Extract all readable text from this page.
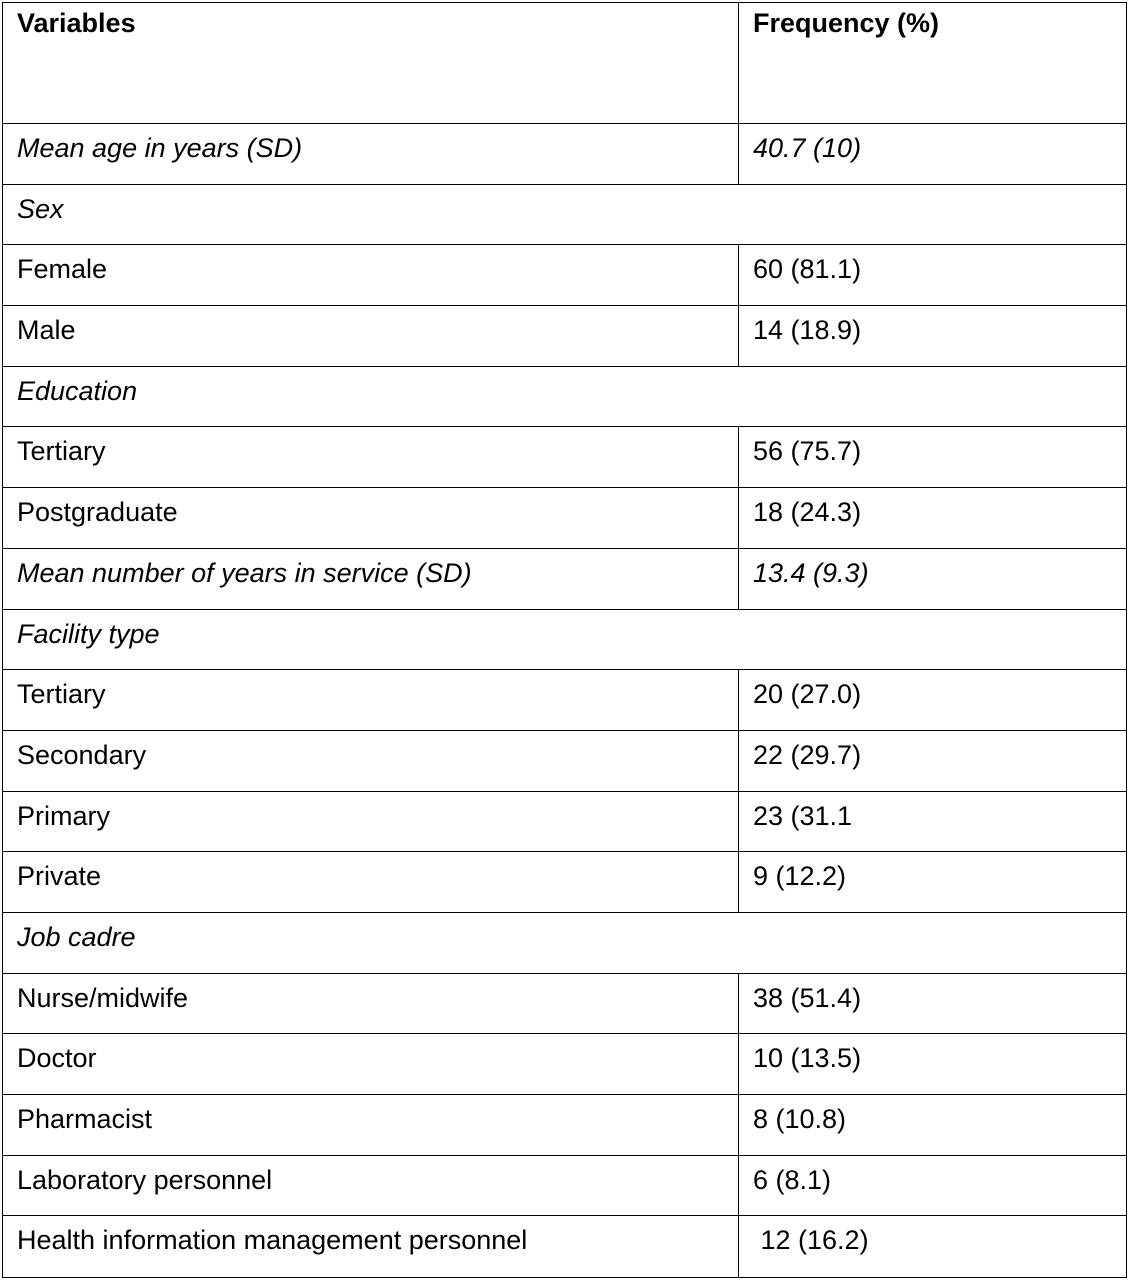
Variables	Frequency (%)
Mean age in years (SD)	40.7 (10)
Sex	
Female	60 (81.1)
Male	14 (18.9)
Education	
Tertiary	56 (75.7)
Postgraduate	18 (24.3)
Mean number of years in service (SD)	13.4 (9.3)
Facility type	
Tertiary	20 (27.0)
Secondary	22 (29.7)
Primary	23 (31.1
Private	9 (12.2)
Job cadre	
Nurse/midwife	38 (51.4)
Doctor	10 (13.5)
Pharmacist	8 (10.8)
Laboratory personnel	6 (8.1)
Health information management personnel	12 (16.2)
